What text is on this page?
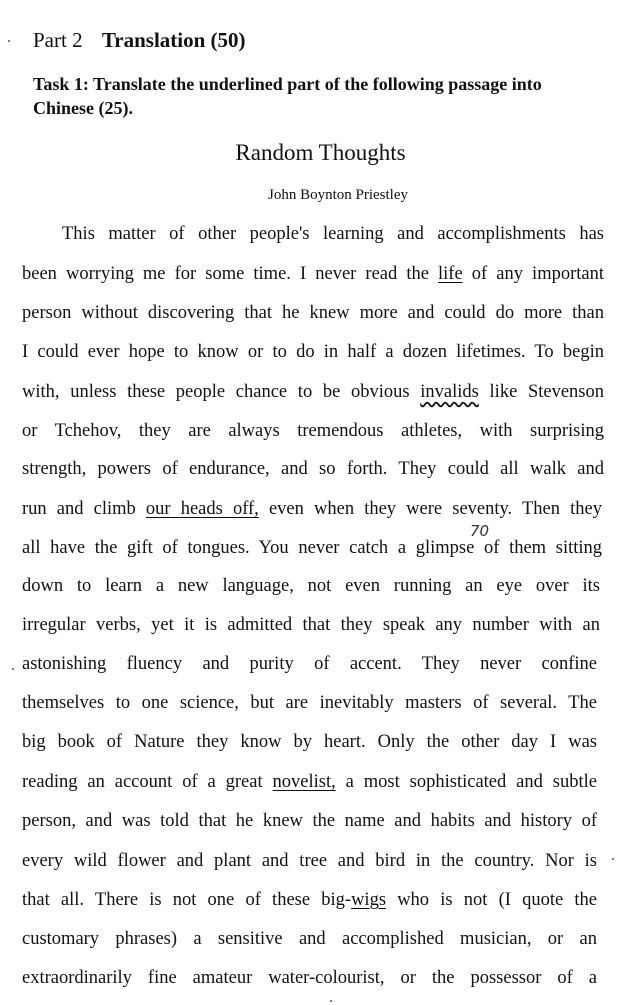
Part 2 Translation (50)
Task 1: Translate the underlined part of the following passage into
Chinese (25).
Random Thoughts
John Boynton Priestley
This matter of other people's learning and accomplishments has
been worrying me for some time. I never read the life of any important
person without discovering that he knew more and could do more than
I could ever hope to know or to do in half a dozen lifetimes. To begin
with, unless these people chance to be obvious invalids like Stevenson
or Tchehov, they are always tremendous athletes, with surprising
strength, powers of endurance, and so forth. They could all walk and
run and climb our heads off, even when they were seventy. Then they
all have the gift of tongues. You never catch a glimpse of them sitting
down to learn a new language, not even running an eye over its
irregular verbs, yet it is admitted that they speak any number with an
astonishing fluency and purity of accent. They never confine
themselves to one science, but are inevitably masters of several. The
big book of Nature they know by heart. Only the other day I was
reading an account of a great novelist, a most sophisticated and subtle
person, and was told that he knew the name and habits and history of
every wild flower and plant and tree and bird in the country. Nor is
that all. There is not one of these big-wigs who is not (I quote the
customary phrases) a sensitive and accomplished musician, or an
extraordinarily fine amateur water-colourist, or the possessor of a
70
